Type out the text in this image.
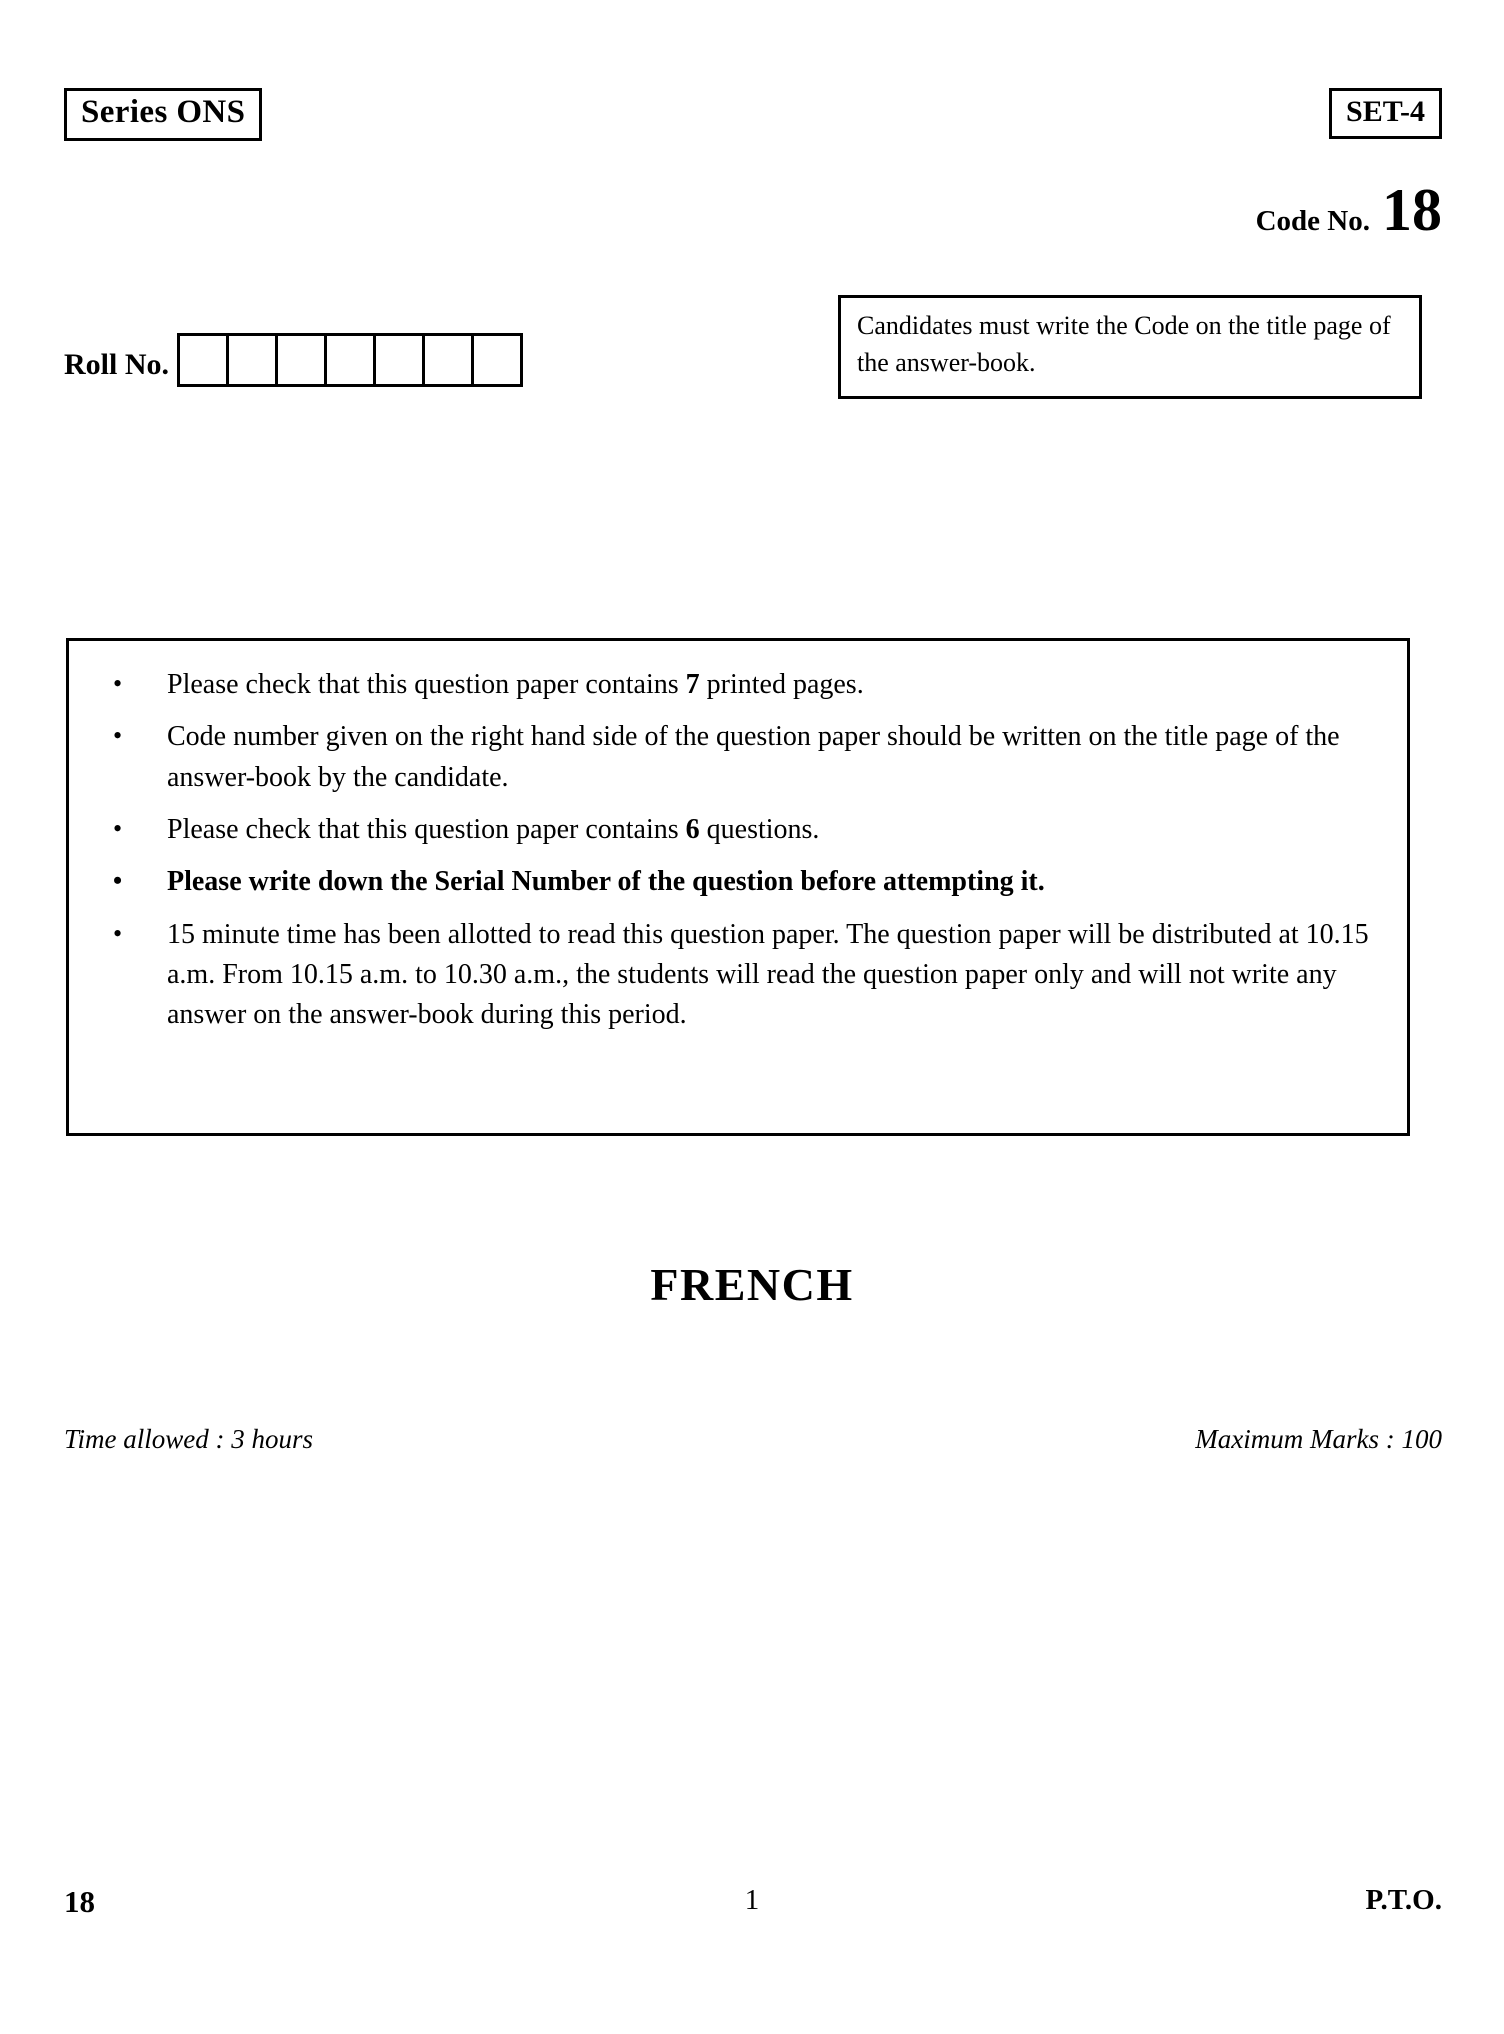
Series ONS	SET-4
Code No. 18
Roll No.
Candidates must write the Code on the title page of the answer-book.
• Please check that this question paper contains 7 printed pages.
• Code number given on the right hand side of the question paper should be written on the title page of the answer-book by the candidate.
• Please check that this question paper contains 6 questions.
• Please write down the Serial Number of the question before attempting it.
• 15 minute time has been allotted to read this question paper. The question paper will be distributed at 10.15 a.m. From 10.15 a.m. to 10.30 a.m., the students will read the question paper only and will not write any answer on the answer-book during this period.
FRENCH
Time allowed : 3 hours	Maximum Marks : 100
18	1	P.T.O.
